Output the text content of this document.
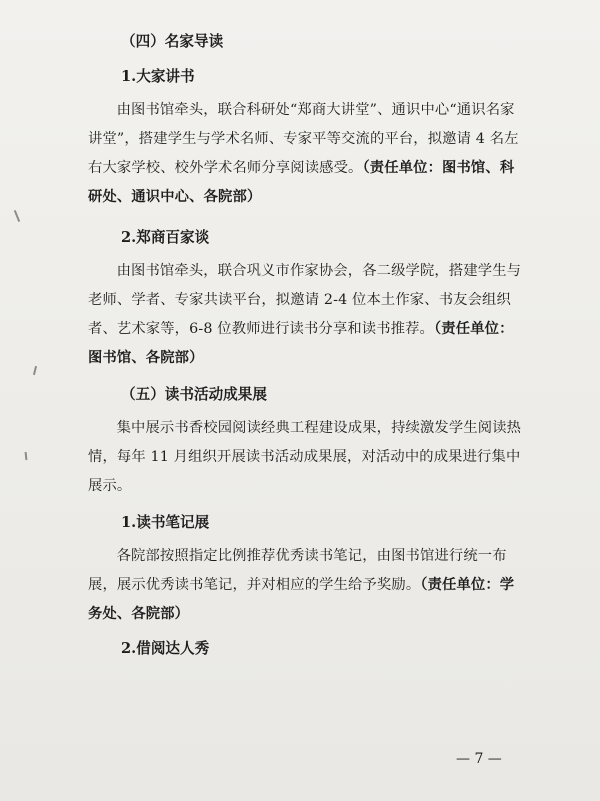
（四）名家导读
1.大家讲书

由图书馆牵头，联合科研处“郑商大讲堂”、通识中心“通识名家讲堂”，搭建学生与学术名师、专家平等交流的平台，拟邀请 4 名左右大家学校、校外学术名师分享阅读感受。（责任单位：图书馆、科研处、通识中心、各院部）

2.郑商百家谈

由图书馆牵头，联合巩义市作家协会，各二级学院，搭建学生与老师、学者、专家共读平台，拟邀请 2-4 位本土作家、书友会组织者、艺术家等，6-8 位教师进行读书分享和读书推荐。（责任单位：图书馆、各院部）

（五）读书活动成果展

集中展示书香校园阅读经典工程建设成果，持续激发学生阅读热情，每年 11 月组织开展读书活动成果展，对活动中的成果进行集中展示。

1.读书笔记展

各院部按照指定比例推荐优秀读书笔记，由图书馆进行统一布展，展示优秀读书笔记，并对相应的学生给予奖励。（责任单位：学务处、各院部）

2.借阅达人秀
— 7 —
